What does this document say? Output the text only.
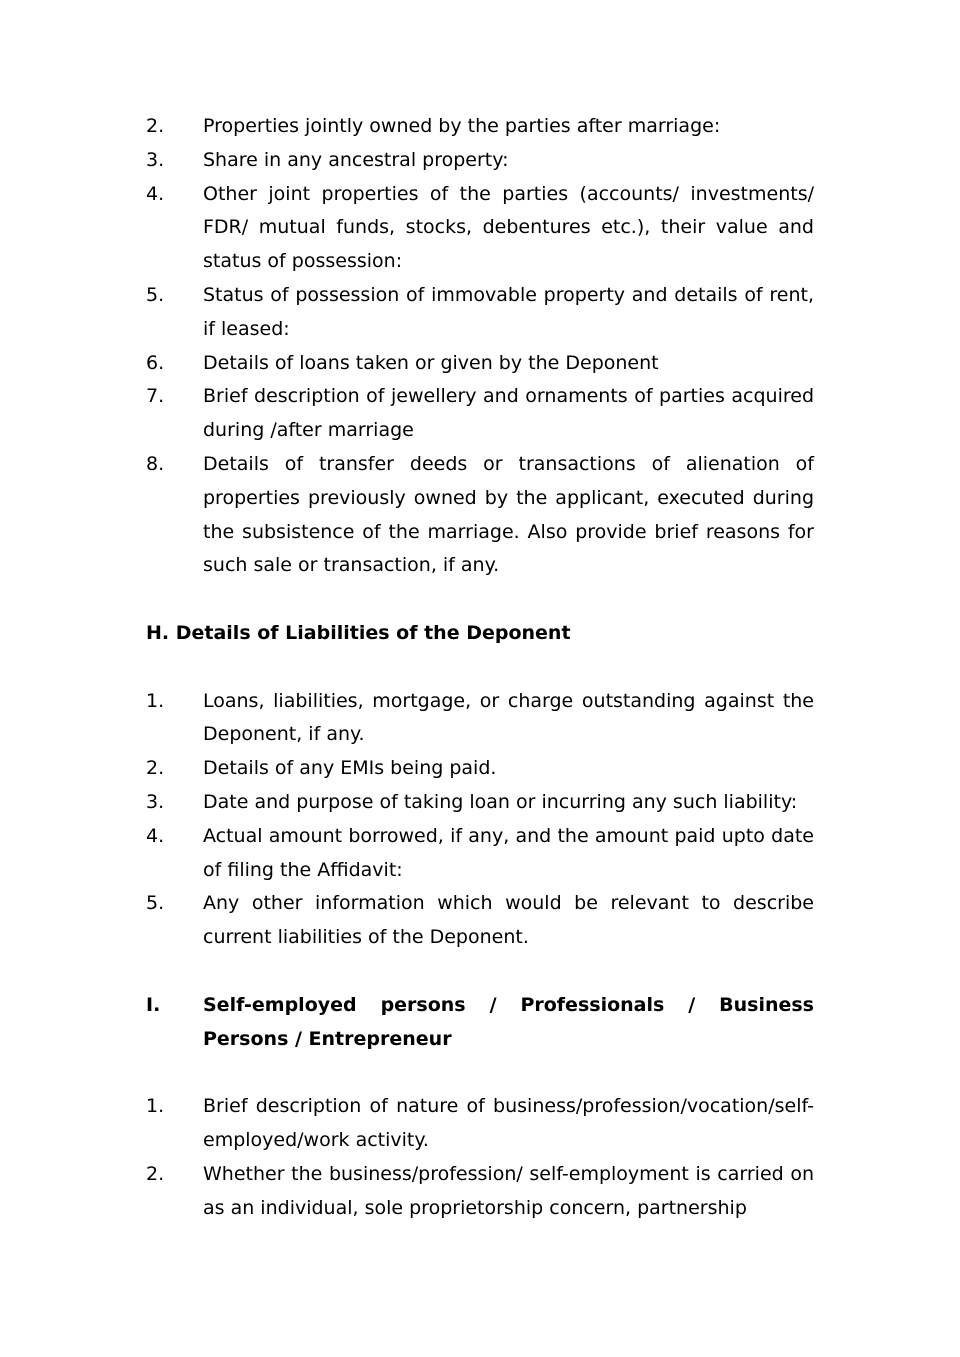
2.	Properties jointly owned by the parties after marriage:
3.	Share in any ancestral property:
4.	Other joint properties of the parties (accounts/ investments/ FDR/ mutual funds, stocks, debentures etc.), their value and status of possession:
5.	Status of possession of immovable property and details of rent, if leased:
6.	Details of loans taken or given by the Deponent
7.	Brief description of jewellery and ornaments of parties acquired during /after marriage
8.	Details of transfer deeds or transactions of alienation of properties previously owned by the applicant, executed during the subsistence of the marriage. Also provide brief reasons for such sale or transaction, if any.
H. Details of Liabilities of the Deponent
1.	Loans, liabilities, mortgage, or charge outstanding against the Deponent, if any.
2.	Details of any EMIs being paid.
3.	Date and purpose of taking loan or incurring any such liability:
4.	Actual amount borrowed, if any, and the amount paid upto date of filing the Affidavit:
5.	Any other information which would be relevant to describe current liabilities of the Deponent.
I.	Self-employed persons / Professionals / Business Persons / Entrepreneur
1.	Brief description of nature of business/profession/vocation/self-employed/work activity.
2.	Whether the business/profession/ self-employment is carried on as an individual, sole proprietorship concern, partnership
